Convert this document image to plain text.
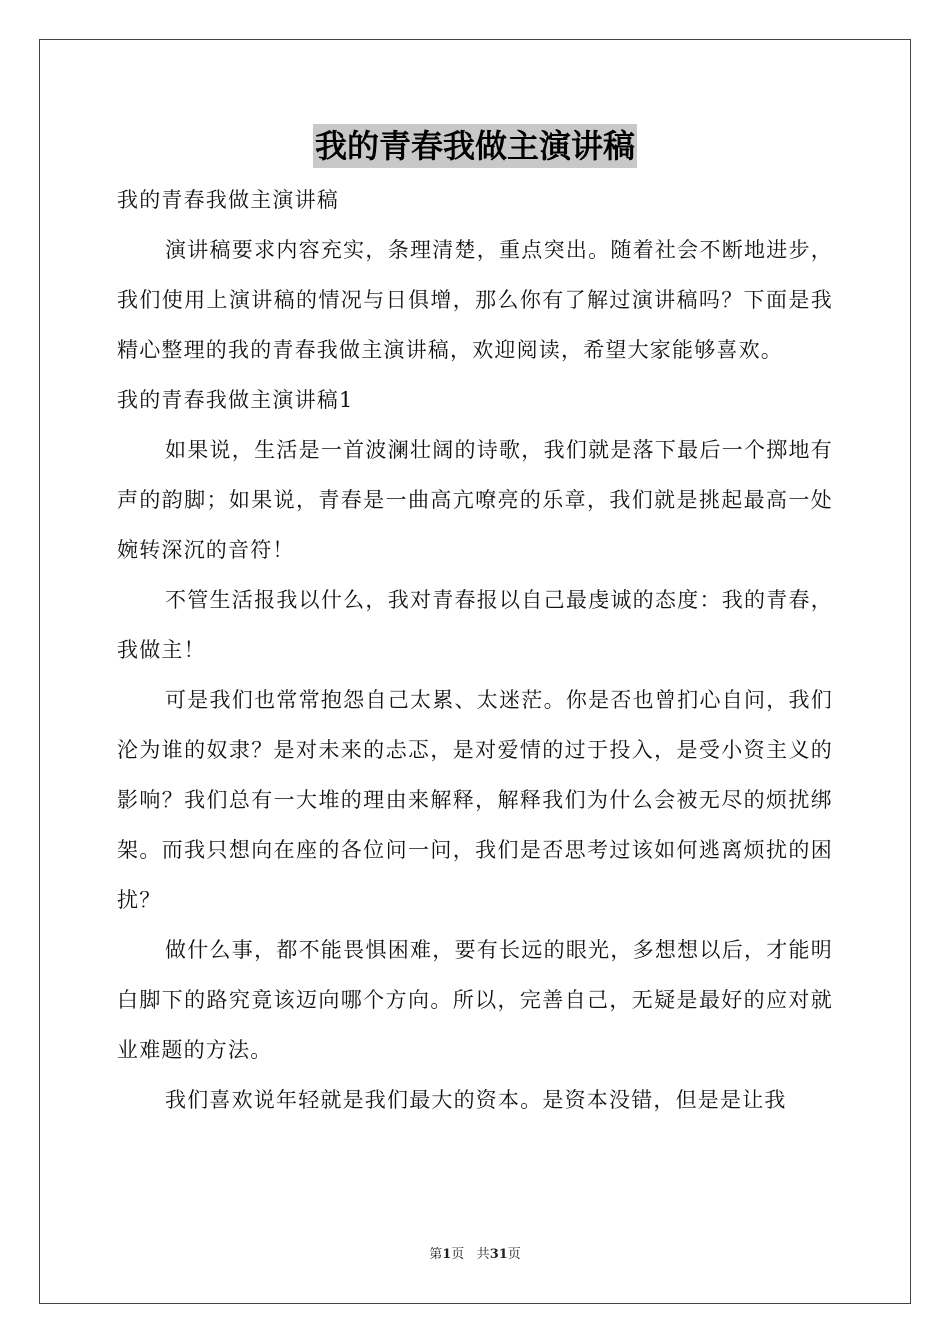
我的青春我做主演讲稿

我的青春我做主演讲稿

演讲稿要求内容充实，条理清楚，重点突出。随着社会不断地进步，我们使用上演讲稿的情况与日俱增，那么你有了解过演讲稿吗？下面是我精心整理的我的青春我做主演讲稿，欢迎阅读，希望大家能够喜欢。

我的青春我做主演讲稿1

如果说，生活是一首波澜壮阔的诗歌，我们就是落下最后一个掷地有声的韵脚；如果说，青春是一曲高亢嘹亮的乐章，我们就是挑起最高一处婉转深沉的音符！

不管生活报我以什么，我对青春报以自己最虔诚的态度：我的青春，我做主！

可是我们也常常抱怨自己太累、太迷茫。你是否也曾扪心自问，我们沦为谁的奴隶？是对未来的忐忑，是对爱情的过于投入，是受小资主义的影响？我们总有一大堆的理由来解释，解释我们为什么会被无尽的烦扰绑架。而我只想向在座的各位问一问，我们是否思考过该如何逃离烦扰的困扰？

做什么事，都不能畏惧困难，要有长远的眼光，多想想以后，才能明白脚下的路究竟该迈向哪个方向。所以，完善自己，无疑是最好的应对就业难题的方法。

我们喜欢说年轻就是我们最大的资本。是资本没错，但是是让我

第1页 共31页
